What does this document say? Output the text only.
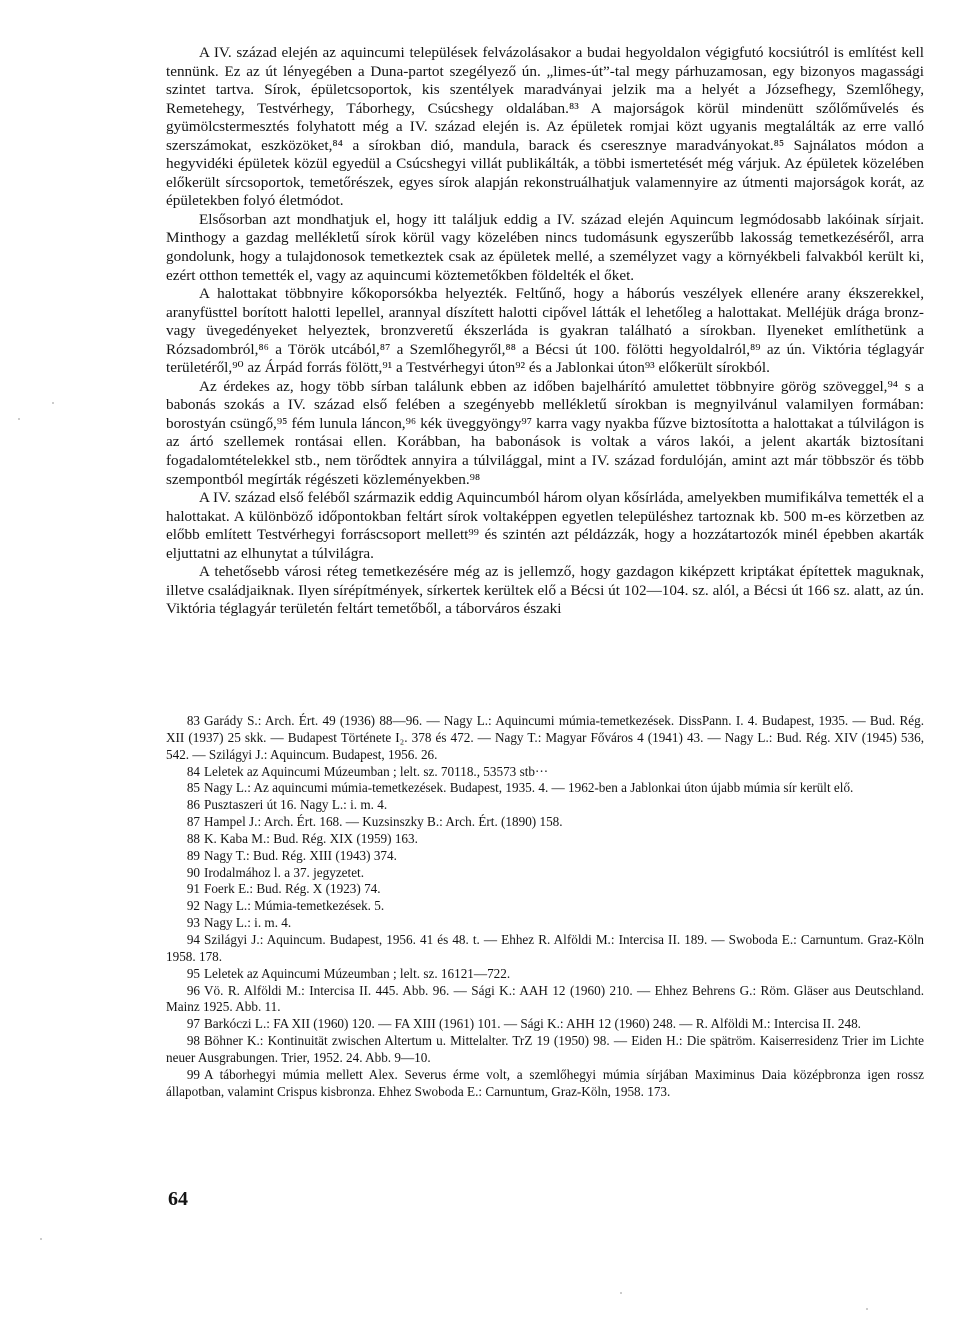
A IV. század elején az aquincumi települések felvázolásakor a budai hegyoldalon végigfutó kocsiútról is említést kell tennünk. Ez az út lényegében a Duna-partot szegélyező ún. „limes-út”-tal megy párhuzamosan, egy bizonyos magassági szintet tartva. Sírok, épületcsoportok, kis szentélyek maradványai jelzik ma a helyét a Józsefhegy, Szemlőhegy, Remetehegy, Testvérhegy, Táborhegy, Csúcshegy oldalában.⁸³ A majorságok körül mindenütt szőlőművelés és gyümölcstermesztés folyhatott még a IV. század elején is. Az épületek romjai közt ugyanis megtalálták az erre valló szerszámokat, eszközöket,⁸⁴ a sírokban dió, mandula, barack és cseresznye maradványokat.⁸⁵ Sajnálatos módon a hegyvidéki épületek közül egyedül a Csúcshegyi villát publikálták, a többi ismertetését még várjuk. Az épületek közelében előkerült sírcsoportok, temetőrészek, egyes sírok alapján rekonstruálhatjuk valamennyire az útmenti majorságok korát, az épületekben folyó életmódot.

Elsősorban azt mondhatjuk el, hogy itt találjuk eddig a IV. század elején Aquincum legmódosabb lakóinak sírjait. Minthogy a gazdag mellékletű sírok körül vagy közelében nincs tudomásunk egyszerűbb lakosság temetkezéséről, arra gondolunk, hogy a tulajdonosok temetkeztek csak az épületek mellé, a személyzet vagy a környékbeli falvakból került ki, ezért otthon temették el, vagy az aquincumi köztemetőkben földelték el őket.

A halottakat többnyire kőkoporsókba helyezték. Feltűnő, hogy a háborús veszélyek ellenére arany ékszerekkel, aranyfüsttel borított halotti lepellel, arannyal díszített halotti cipővel látták el lehetőleg a halottakat. Melléjük drága bronz- vagy üvegedényeket helyeztek, bronzveretű ékszerláda is gyakran található a sírokban. Ilyeneket említhetünk a Rózsadombról,⁸⁶ a Török utcából,⁸⁷ a Szemlőhegyről,⁸⁸ a Bécsi út 100. fölötti hegyoldalról,⁸⁹ az ún. Viktória téglagyár területéről,⁹⁰ az Árpád forrás fölött,⁹¹ a Testvérhegyi úton⁹² és a Jablonkai úton⁹³ előkerült sírokból.

Az érdekes az, hogy több sírban találunk ebben az időben bajelhárító amulettet többnyire görög szöveggel,⁹⁴ s a babonás szokás a IV. század első felében a szegényebb mellékletű sírokban is megnyilvánul valamilyen formában: borostyán csüngő,⁹⁵ fém lunula láncon,⁹⁶ kék üveggyöngy⁹⁷ karra vagy nyakba fűzve biztosította a halottakat a túlvilágon is az ártó szellemek rontásai ellen. Korábban, ha babonások is voltak a város lakói, a jelent akarták biztosítani fogadalomtételekkel stb., nem törődtek annyira a túlvilággal, mint a IV. század fordulóján, amint azt már többször és több szempontból megírták régészeti közleményekben.⁹⁸

A IV. század első feléből származik eddig Aquincumból három olyan kősírláda, amelyekben mumifikálva temették el a halottakat. A különböző időpontokban feltárt sírok voltaképpen egyetlen településhez tartoznak kb. 500 m-es körzetben az előbb említett Testvérhegyi forráscsoport mellett⁹⁹ és szintén azt példázzák, hogy a hozzátartozók minél épebben akarták eljuttatni az elhunytat a túlvilágra.

A tehetősebb városi réteg temetkezésére még az is jellemző, hogy gazdagon kiképzett kriptákat építettek maguknak, illetve családjaiknak. Ilyen sírépítmények, sírkertek kerültek elő a Bécsi út 102—104. sz. alól, a Bécsi út 166 sz. alatt, az ún. Viktória téglagyár területén feltárt temetőből, a táborváros északi

83 Garády S.: Arch. Ért. 49 (1936) 88—96. — Nagy L.: Aquincumi múmia-temetkezések. DissPann. I. 4. Budapest, 1935. — Bud. Rég. XII (1937) 25 skk. — Budapest Története I₂. 378 és 472. — Nagy T.: Magyar Főváros 4 (1941) 43. — Nagy L.: Bud. Rég. XIV (1945) 536, 542. — Szilágyi J.: Aquincum. Budapest, 1956. 26.
84 Leletek az Aquincumi Múzeumban ; lelt. sz. 70118., 53573 stb···
85 Nagy L.: Az aquincumi múmia-temetkezések. Budapest, 1935. 4. — 1962-ben a Jablonkai úton újabb múmia sír került elő.
86 Pusztaszeri út 16. Nagy L.: i. m. 4.
87 Hampel J.: Arch. Ért. 168. — Kuzsinszky B.: Arch. Ért. (1890) 158.
88 K. Kaba M.: Bud. Rég. XIX (1959) 163.
89 Nagy T.: Bud. Rég. XIII (1943) 374.
90 Irodalmához l. a 37. jegyzetet.
91 Foerk E.: Bud. Rég. X (1923) 74.
92 Nagy L.: Múmia-temetkezések. 5.
93 Nagy L.: i. m. 4.
94 Szilágyi J.: Aquincum. Budapest, 1956. 41 és 48. t. — Ehhez R. Alföldi M.: Intercisa II. 189. — Swoboda E.: Carnuntum. Graz-Köln 1958. 178.
95 Leletek az Aquincumi Múzeumban ; lelt. sz. 16121—722.
96 Vö. R. Alföldi M.: Intercisa II. 445. Abb. 96. — Sági K.: AAH 12 (1960) 210. — Ehhez Behrens G.: Röm. Gläser aus Deutschland. Mainz 1925. Abb. 11.
97 Barkóczi L.: FA XII (1960) 120. — FA XIII (1961) 101. — Sági K.: AHH 12 (1960) 248. — R. Alföldi M.: Intercisa II. 248.
98 Böhner K.: Kontinuität zwischen Altertum u. Mittelalter. TrZ 19 (1950) 98. — Eiden H.: Die spätröm. Kaiserresidenz Trier im Lichte neuer Ausgrabungen. Trier, 1952. 24. Abb. 9—10.
99 A táborhegyi múmia mellett Alex. Severus érme volt, a szemlőhegyi múmia sírjában Maximinus Daia középbronza igen rossz állapotban, valamint Crispus kisbronza. Ehhez Swoboda E.: Carnuntum, Graz-Köln, 1958. 173.
64
